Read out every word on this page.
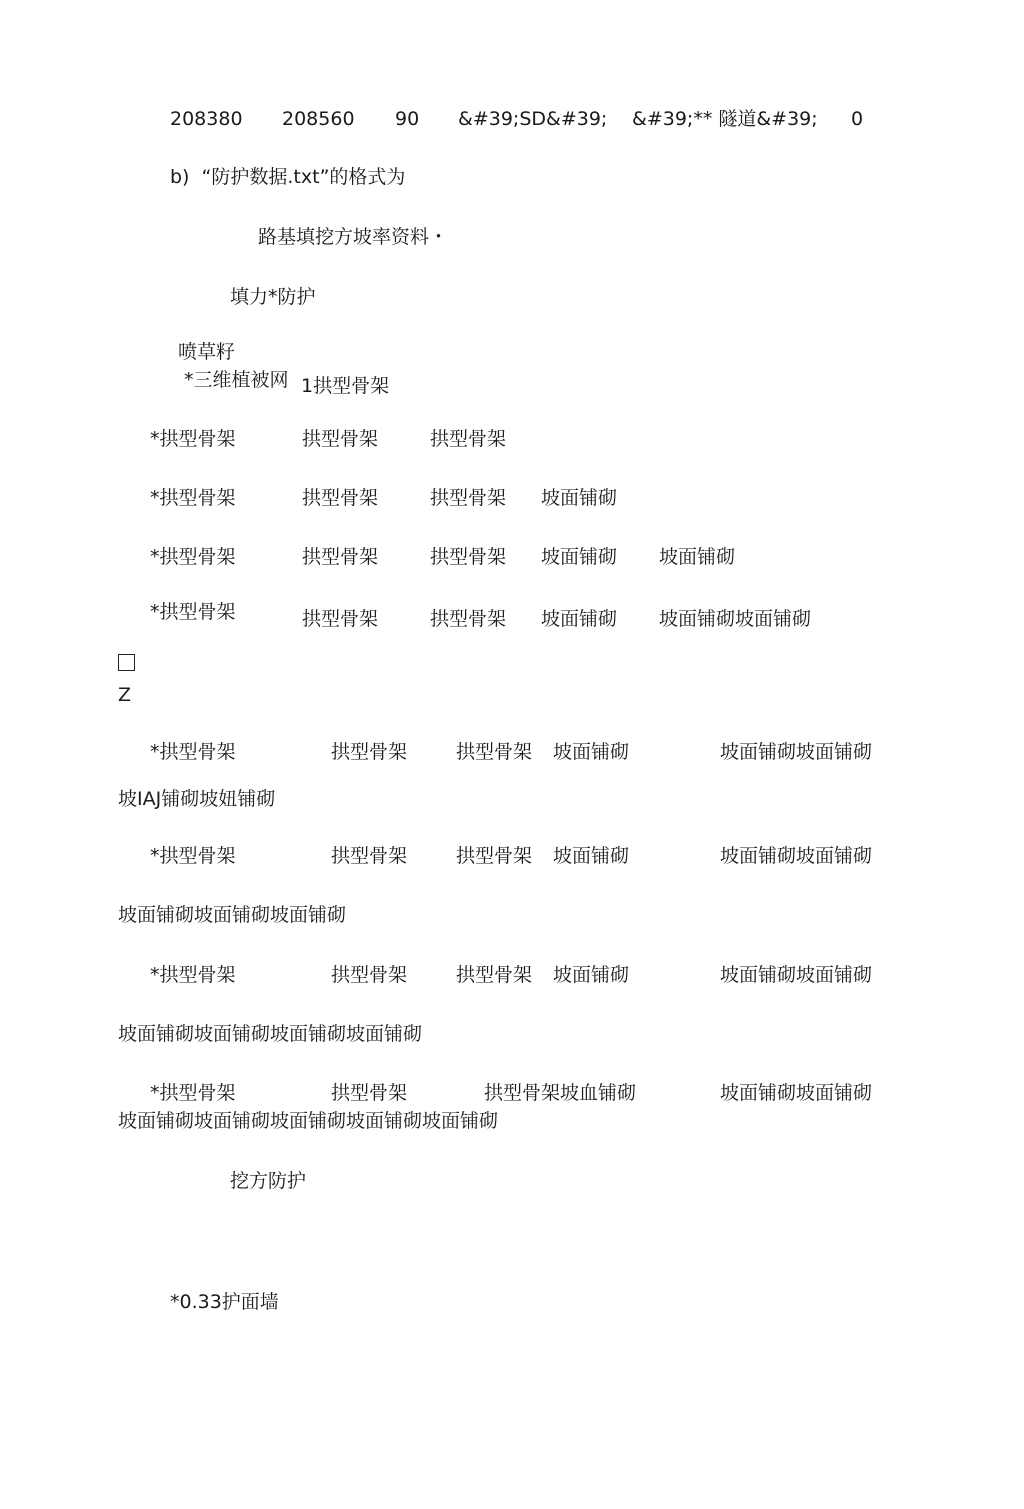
208380 208560 90 &#39;SD&#39; &#39;** 隧道&#39; 0
b)  “防护数据.txt”的格式为
路基填挖方坡率资料・
填力*防护
喷草籽
*三维植被网 1拱型骨架
*拱型骨架	拱型骨架	拱型骨架
*拱型骨架	拱型骨架	拱型骨架 坡面铺砌
*拱型骨架	拱型骨架	拱型骨架 坡面铺砌 坡面铺砌
*拱型骨架	拱型骨架	拱型骨架 坡面铺砌 坡面铺砌坡面铺砌
Z
*拱型骨架	拱型骨架	拱型骨架 坡面铺砌	坡面铺砌坡面铺砌
坡IAJ铺砌坡妞铺砌
*拱型骨架	拱型骨架	拱型骨架 坡面铺砌	坡面铺砌坡面铺砌
坡面铺砌坡面铺砌坡面铺砌
*拱型骨架	拱型骨架	拱型骨架 坡面铺砌	坡面铺砌坡面铺砌
坡面铺砌坡面铺砌坡面铺砌坡面铺砌
*拱型骨架	拱型骨架	拱型骨架坡血铺砌	坡面铺砌坡面铺砌
坡面铺砌坡面铺砌坡面铺砌坡面铺砌坡面铺砌
挖方防护
*0.33护面墙
